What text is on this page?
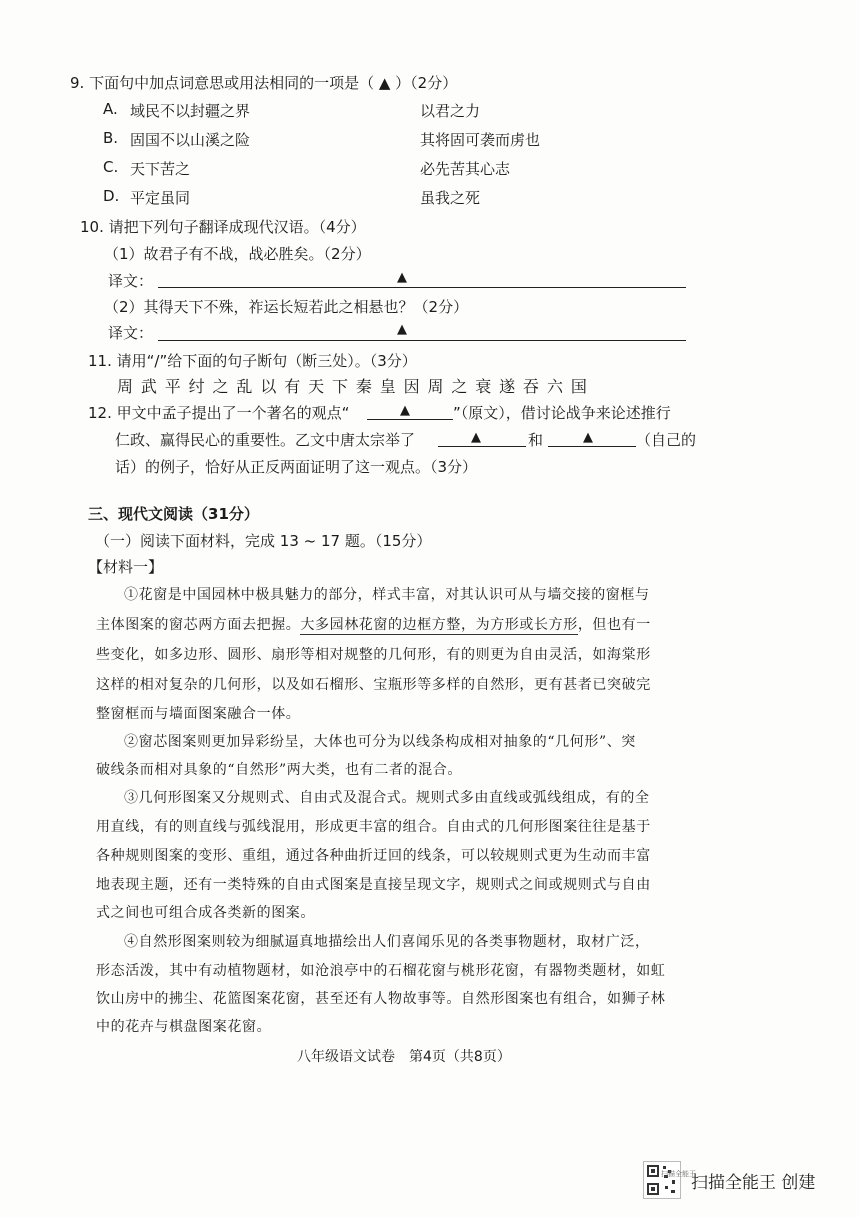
9. 下面句中加点词意思或用法相同的一项是（ ▲ ）（2分）
A. 域民不以封疆之界	以君之力
B. 固国不以山溪之险	其将固可袭而虏也
C. 天下苦之	必先苦其心志
D. 平定虽同	虽我之死
10. 请把下列句子翻译成现代汉语。（4分）
（1）故君子有不战，战必胜矣。（2分）
译文：	▲
（2）其得天下不殊，祚运长短若此之相悬也？（2分）
译文：	▲
11. 请用“/”给下面的句子断句（断三处）。（3分）
周 武 平 纣 之 乱 以 有 天 下 秦 皇 因 周 之 衰 遂 吞 六 国
12. 甲文中孟子提出了一个著名的观点“	▲	”（原文），借讨论战争来论述推行
仁政、赢得民心的重要性。乙文中唐太宗举了	▲	和	▲	（自己的
话）的例子，恰好从正反两面证明了这一观点。（3分）
三、现代文阅读（31分）
（一）阅读下面材料，完成 13 ~ 17 题。（15分）
【材料一】
①花窗是中国园林中极具魅力的部分，样式丰富，对其认识可从与墙交接的窗框与
主体图案的窗芯两方面去把握。大多园林花窗的边框方整，为方形或长方形，但也有一
些变化，如多边形、圆形、扇形等相对规整的几何形，有的则更为自由灵活，如海棠形
这样的相对复杂的几何形，以及如石榴形、宝瓶形等多样的自然形，更有甚者已突破完
整窗框而与墙面图案融合一体。
②窗芯图案则更加异彩纷呈，大体也可分为以线条构成相对抽象的“几何形”、突
破线条而相对具象的“自然形”两大类，也有二者的混合。
③几何形图案又分规则式、自由式及混合式。规则式多由直线或弧线组成，有的全
用直线，有的则直线与弧线混用，形成更丰富的组合。自由式的几何形图案往往是基于
各种规则图案的变形、重组，通过各种曲折迂回的线条，可以较规则式更为生动而丰富
地表现主题，还有一类特殊的自由式图案是直接呈现文字，规则式之间或规则式与自由
式之间也可组合成各类新的图案。
④自然形图案则较为细腻逼真地描绘出人们喜闻乐见的各类事物题材，取材广泛，
形态活泼，其中有动植物题材，如沧浪亭中的石榴花窗与桃形花窗，有器物类题材，如虹
饮山房中的拂尘、花篮图案花窗，甚至还有人物故事等。自然形图案也有组合，如狮子林
中的花卉与棋盘图案花窗。
八年级语文试卷　第4页（共8页）
扫描全能王
扫描全能王 创建
